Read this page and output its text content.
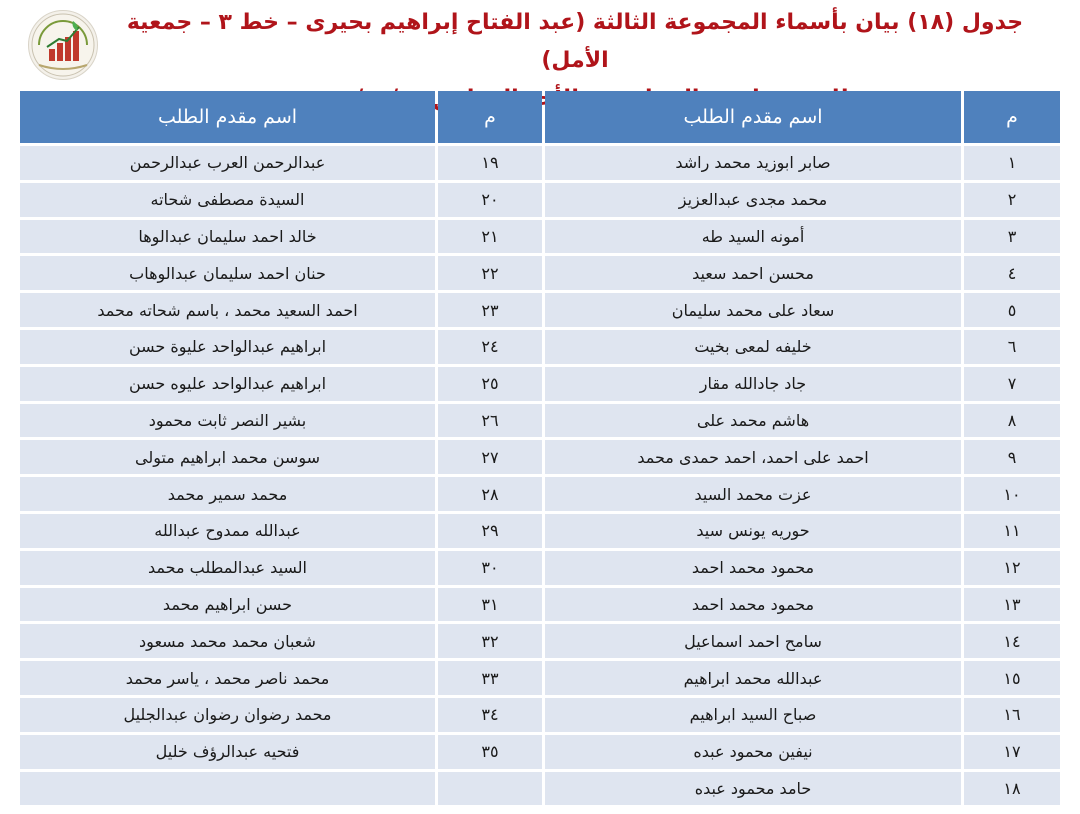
جدول (١٨) بيان بأسماء المجموعة الثالثة (عبد الفتاح إبراهيم بحيرى – خط ٣ – جمعية الأمل)
م	اسم مقدم الطلب	م	اسم مقدم الطلب
١	صابر ابوزيد محمد راشد	١٩	عبدالرحمن العرب عبدالرحمن
٢	محمد مجدى عبدالعزيز	٢٠	السيدة مصطفى شحاته
٣	أمونه السيد طه	٢١	خالد احمد سليمان عبدالوها
٤	محسن احمد سعيد	٢٢	حنان احمد سليمان عبدالوهاب
٥	سعاد على محمد سليمان	٢٣	احمد السعيد محمد ، باسم شحاته محمد
٦	خليفه لمعى بخيت	٢٤	ابراهيم عبدالواحد عليوة حسن
٧	جاد جادالله مقار	٢٥	ابراهيم عبدالواحد عليوه حسن
٨	هاشم محمد على	٢٦	بشير النصر ثابت محمود
٩	احمد على احمد، احمد حمدى محمد	٢٧	سوسن محمد ابراهيم متولى
١٠	عزت محمد السيد	٢٨	محمد سمير محمد
١١	حوريه يونس سيد	٢٩	عبدالله ممدوح عبدالله
١٢	محمود محمد احمد	٣٠	السيد عبدالمطلب محمد
١٣	محمود محمد احمد	٣١	حسن ابراهيم محمد
١٤	سامح احمد اسماعيل	٣٢	شعبان محمد محمد مسعود
١٥	عبدالله محمد ابراهيم	٣٣	محمد ناصر محمد ، ياسر محمد
١٦	صباح السيد ابراهيم	٣٤	محمد رضوان رضوان عبدالجليل
١٧	نيفين محمود عبده	٣٥	فتحيه عبدالرؤف خليل
١٨	حامد محمود عبده		
